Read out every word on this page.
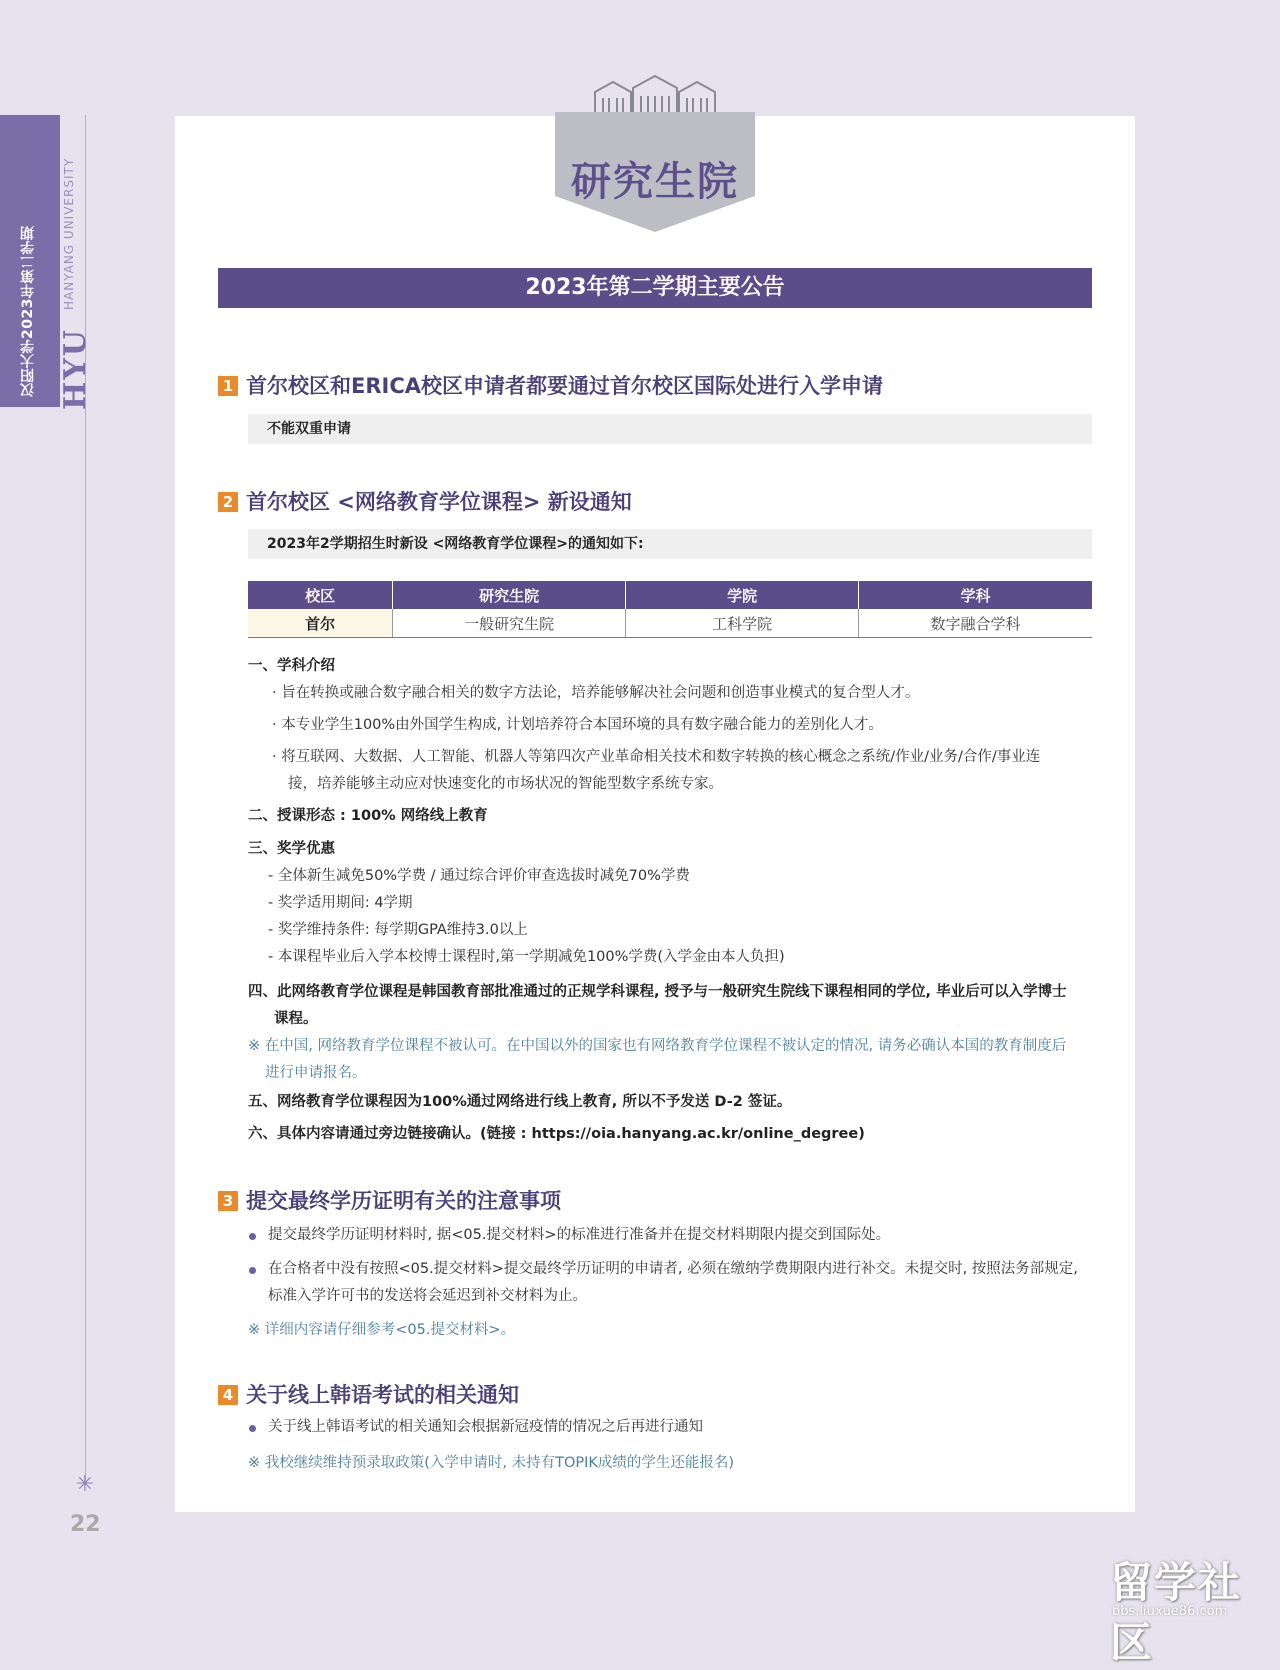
汉阳大学2023年第二学期	HANYANG UNIVERSITY
HYU
✳
22
研究生院
2023年第二学期主要公告
1 首尔校区和ERICA校区申请者都要通过首尔校区国际处进行入学申请
不能双重申请
2 首尔校区 <网络教育学位课程> 新设通知
2023年2学期招生时新设 <网络教育学位课程>的通知如下:
校区	研究生院	学院	学科
首尔	一般研究生院	工科学院	数字融合学科
一、学科介绍
· 旨在转换或融合数字融合相关的数字方法论，培养能够解决社会问题和创造事业模式的复合型人才。
· 本专业学生100%由外国学生构成, 计划培养符合本国环境的具有数字融合能力的差别化人才。
· 将互联网、大数据、人工智能、机器人等第四次产业革命相关技术和数字转换的核心概念之系统/作业/业务/合作/事业连
接，培养能够主动应对快速变化的市场状况的智能型数字系统专家。
二、授课形态 : 100% 网络线上教育
三、奖学优惠
- 全体新生减免50%学费 / 通过综合评价审查选拔时减免70%学费
- 奖学适用期间: 4学期
- 奖学维持条件: 每学期GPA维持3.0以上
- 本课程毕业后入学本校博士课程时,第一学期减免100%学费(入学金由本人负担)
四、此网络教育学位课程是韩国教育部批准通过的正规学科课程, 授予与一般研究生院线下课程相同的学位, 毕业后可以入学博士
课程。
※ 在中国, 网络教育学位课程不被认可。在中国以外的国家也有网络教育学位课程不被认定的情况, 请务必确认本国的教育制度后
进行申请报名。
五、网络教育学位课程因为100%通过网络进行线上教育, 所以不予发送 D-2 签证。
六、具体内容请通过旁边链接确认。(链接 : https://oia.hanyang.ac.kr/online_degree)
3 提交最终学历证明有关的注意事项
提交最终学历证明材料时, 据<05.提交材料>的标准进行准备并在提交材料期限内提交到国际处。
在合格者中没有按照<05.提交材料>提交最终学历证明的申请者, 必须在缴纳学费期限内进行补交。未提交时, 按照法务部规定,
标准入学许可书的发送将会延迟到补交材料为止。
※ 详细内容请仔细参考<05.提交材料>。
4 关于线上韩语考试的相关通知
关于线上韩语考试的相关通知会根据新冠疫情的情况之后再进行通知
※ 我校继续维持预录取政策(入学申请时, 未持有TOPIK成绩的学生还能报名)
留学社区
bbs.liuxue86.com
